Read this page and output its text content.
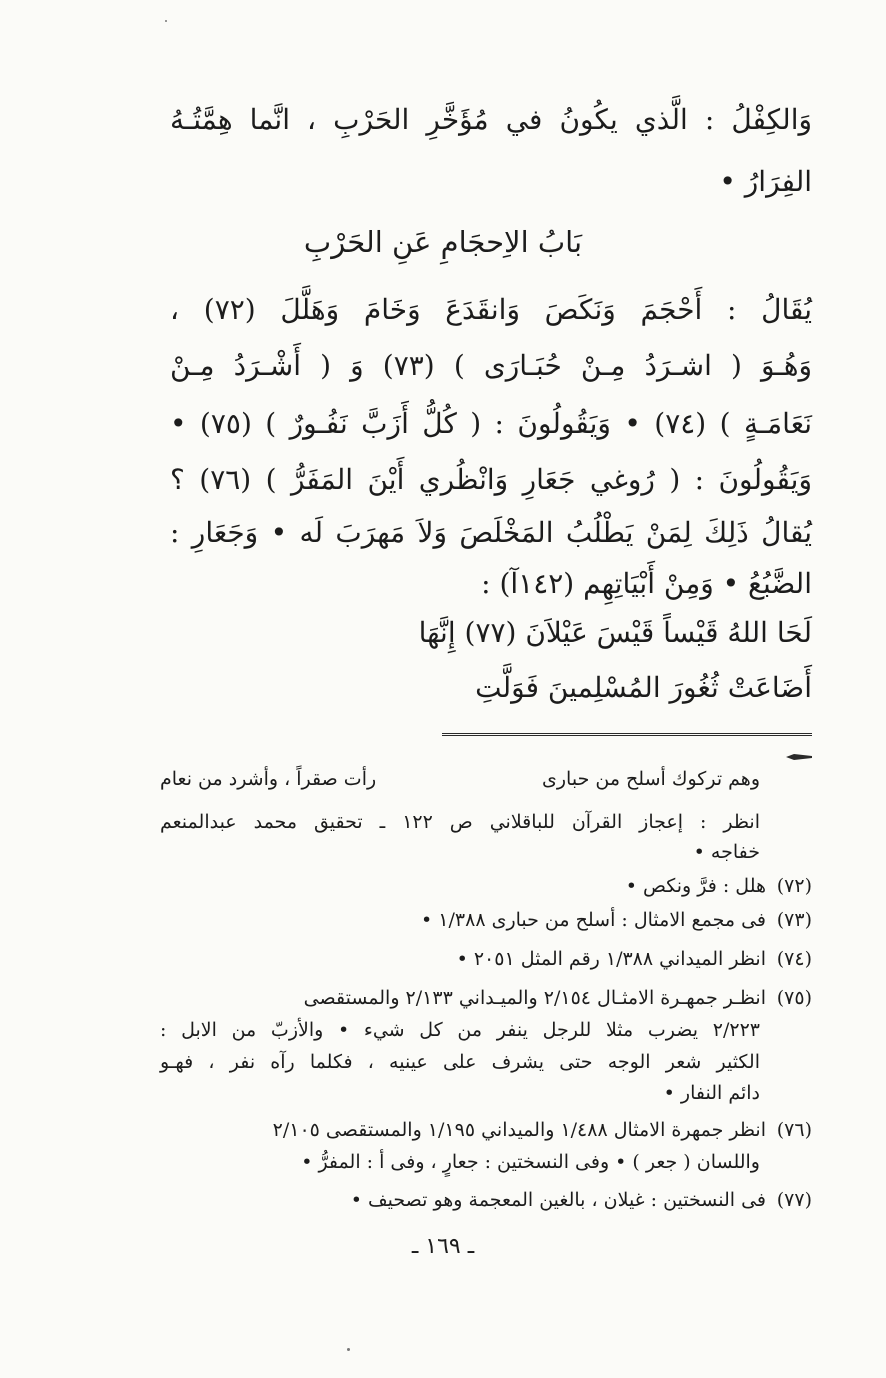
وَالكِفْلُ : الَّذي يكُونُ في مُؤَخَّرِ الحَرْبِ ، انَّما هِمَّتُـهُ
الفِرَارُ •
بَابُ الاِحجَامِ عَنِ الحَرْبِ
يُقَالُ : أَحْجَمَ وَنَكَصَ وَانقَدَعَ وَخَامَ وَهَلَّلَ (٧٢) ،
وَهُـوَ ( اشـرَدُ مِـنْ حُبَـارَى ) (٧٣) وَ ( أَشْـرَدُ مِـنْ
نَعَامَـةٍ ) (٧٤) • وَيَقُولُونَ : ( كُلُّ أَزَبَّ نَفُـورٌ ) (٧٥) •
وَيَقُولُونَ : ( رُوغي جَعَارِ وَانْظُري أَيْنَ المَفَرُّ ) (٧٦) ؟
يُقالُ ذَلِكَ لِمَنْ يَطْلُبُ المَخْلَصَ وَلاَ مَهرَبَ لَه • وَجَعَارِ :
الضَّبُعُ • وَمِنْ أَبْيَاتِهِم (١٤٢آ) :
لَحَا اللهُ قَيْساً قَيْسَ عَيْلاَنَ (٧٧) إِنَّهَا
أَضَاعَتْ ثُغُورَ المُسْلِمينَ فَوَلَّتِ
وهم تركوك أسلح من حبارى
رأت صقراً ، وأشرد من نعام
انظر : إعجاز القرآن للباقلاني ص ١٢٢ ـ تحقيق محمد عبدالمنعم
خفاجه •
(٧٢)هلل : فرَّ ونكص •
(٧٣)فى مجمع الامثال : أسلح من حبارى ١/٣٨٨ •
(٧٤)انظر الميداني ١/٣٨٨ رقم المثل ٢٠٥١ •
(٧٥)انظـر جمهـرة الامثـال ٢/١٥٤ والميـداني ٢/١٣٣ والمستقصى
٢/٢٢٣ يضرب مثلا للرجل ينفر من كل شيء • والأزبّ من الابل :
الكثير شعر الوجه حتى يشرف على عينيه ، فكلما رآه نفر ، فهـو
دائم النفار •
(٧٦)انظر جمهرة الامثال ١/٤٨٨ والميداني ١/١٩٥ والمستقصى ٢/١٠٥
واللسان ( جعر ) • وفى النسختين : جعارٍ ، وفى أ : المفرُّ •
(٧٧)فى النسختين : غيلان ، بالغين المعجمة وهو تصحيف •
ـ ١٦٩ ـ
